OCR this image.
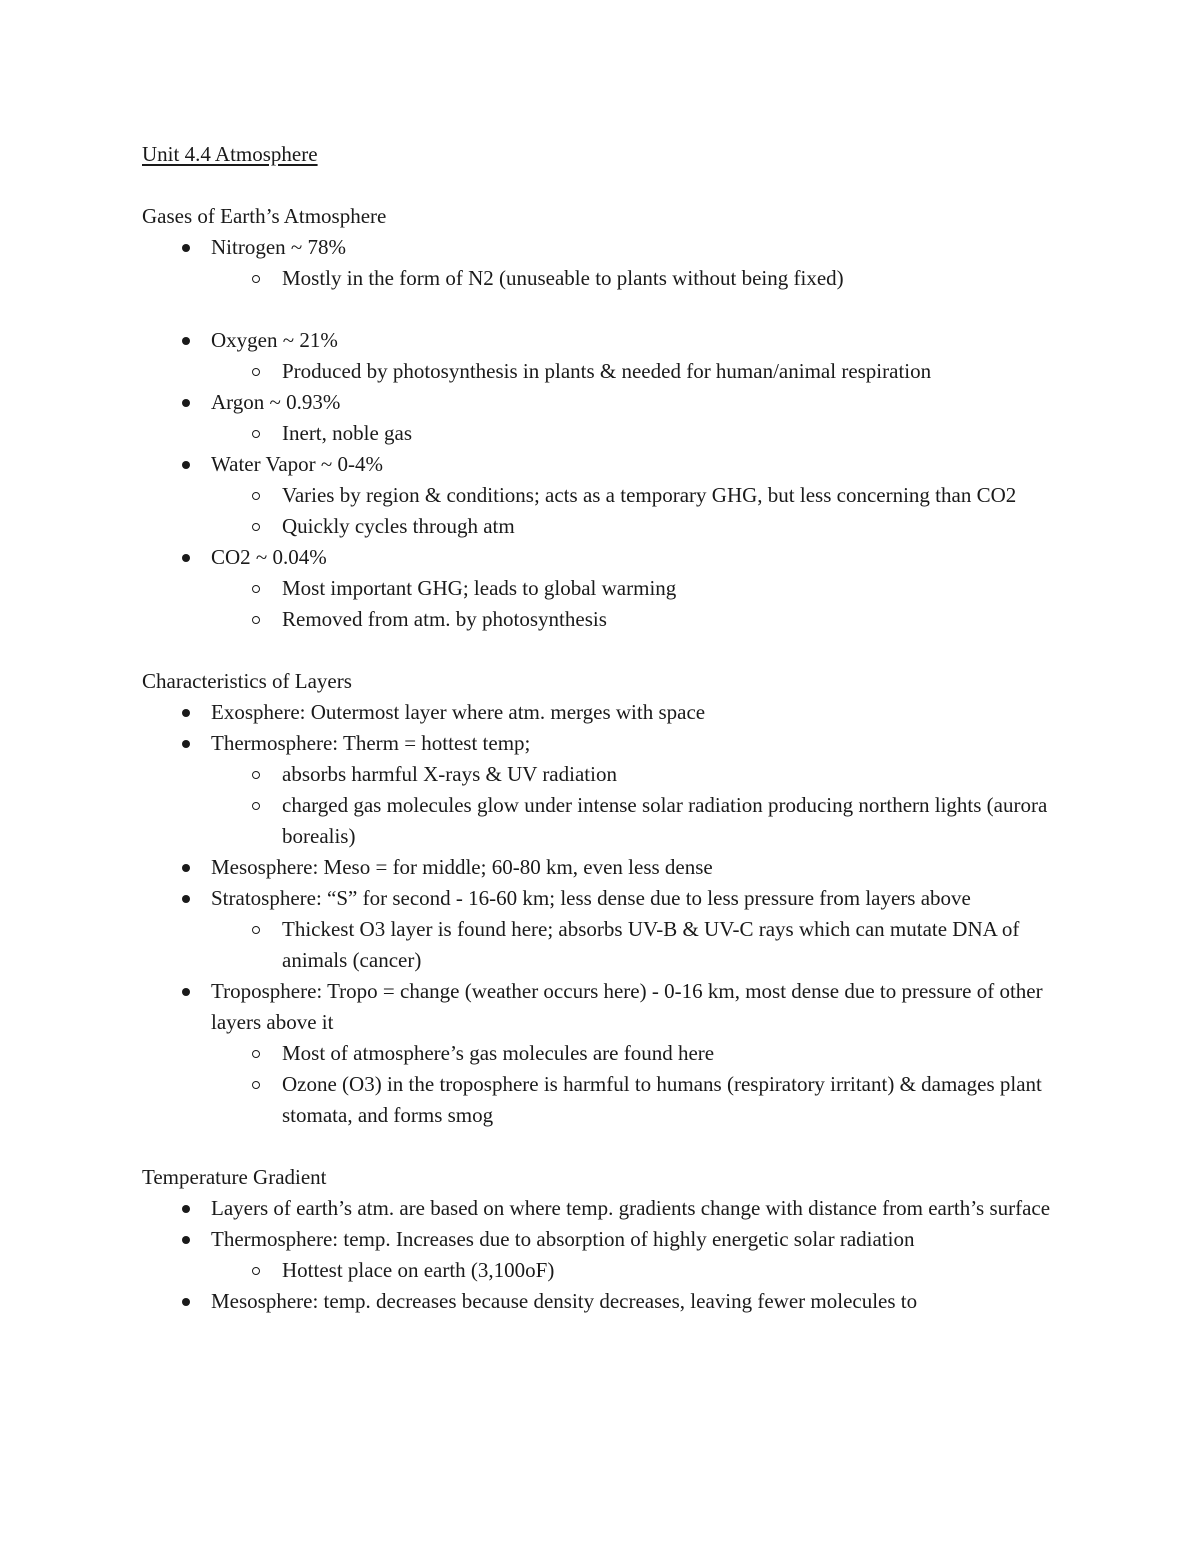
Unit 4.4 Atmosphere
Gases of Earth’s Atmosphere
Nitrogen ~ 78%
Mostly in the form of N2 (unuseable to plants without being fixed)
Oxygen ~ 21%
Produced by photosynthesis in plants & needed for human/animal respiration
Argon ~ 0.93%
Inert, noble gas
Water Vapor ~ 0-4%
Varies by region & conditions; acts as a temporary GHG, but less concerning than CO2
Quickly cycles through atm
CO2 ~ 0.04%
Most important GHG; leads to global warming
Removed from atm. by photosynthesis
Characteristics of Layers
Exosphere: Outermost layer where atm. merges with space
Thermosphere: Therm = hottest temp;
absorbs harmful X-rays & UV radiation
charged gas molecules glow under intense solar radiation producing northern lights (aurora borealis)
Mesosphere: Meso = for middle; 60-80 km, even less dense
Stratosphere: “S” for second - 16-60 km; less dense due to less pressure from layers above
Thickest O3 layer is found here; absorbs UV-B & UV-C rays which can mutate DNA of animals (cancer)
Troposphere: Tropo = change (weather occurs here) - 0-16 km, most dense due to pressure of other layers above it
Most of atmosphere’s gas molecules are found here
Ozone (O3) in the troposphere is harmful to humans (respiratory irritant) & damages plant stomata, and forms smog
Temperature Gradient
Layers of earth’s atm. are based on where temp. gradients change with distance from earth’s surface
Thermosphere: temp. Increases due to absorption of highly energetic solar radiation
Hottest place on earth (3,100oF)
Mesosphere: temp. decreases because density decreases, leaving fewer molecules to
